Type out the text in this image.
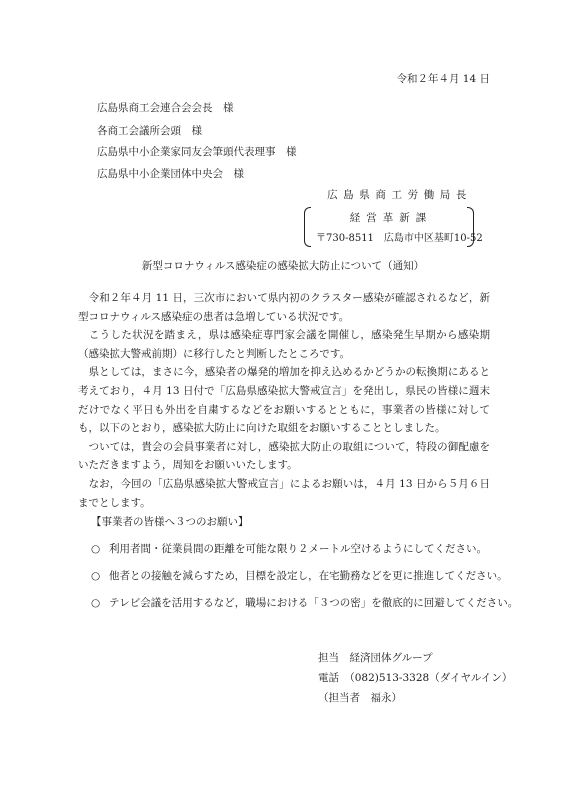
令和２年４月 14 日
広島県商工会連合会会長　様
各商工会議所会頭　様
広島県中小企業家同友会筆頭代表理事　様
広島県中小企業団体中央会　様
広島県商工労働局長
経営革新課
〒730-8511　広島市中区基町10-52
新型コロナウィルス感染症の感染拡大防止について（通知）

　令和２年４月 11 日，三次市において県内初のクラスター感染が確認されるなど，新型コロナウィルス感染症の患者は急増している状況です。

　こうした状況を踏まえ，県は感染症専門家会議を開催し，感染発生早期から感染期（感染拡大警戒前期）に移行したと判断したところです。

　県としては，まさに今，感染者の爆発的増加を抑え込めるかどうかの転換期にあると考えており，４月 13 日付で「広島県感染拡大警戒宣言」を発出し，県民の皆様に週末だけでなく平日も外出を自粛するなどをお願いするとともに，事業者の皆様に対しても，以下のとおり，感染拡大防止に向けた取組をお願いすることとしました。

　ついては，貴会の会員事業者に対し，感染拡大防止の取組について，特段の御配慮をいただきますよう，周知をお願いいたします。

　なお，今回の「広島県感染拡大警戒宣言」によるお願いは，４月 13 日から５月６日までとします。

【事業者の皆様へ３つのお願い】
○ 利用者間・従業員間の距離を可能な限り２メートル空けるようにしてください。
○ 他者との接触を減らすため，目標を設定し，在宅勤務などを更に推進してください。
○ テレビ会議を活用するなど，職場における「３つの密」を徹底的に回避してください。
担当　経済団体グループ
電話　（082)513-3328（ダイヤルイン）
（担当者　福永）
